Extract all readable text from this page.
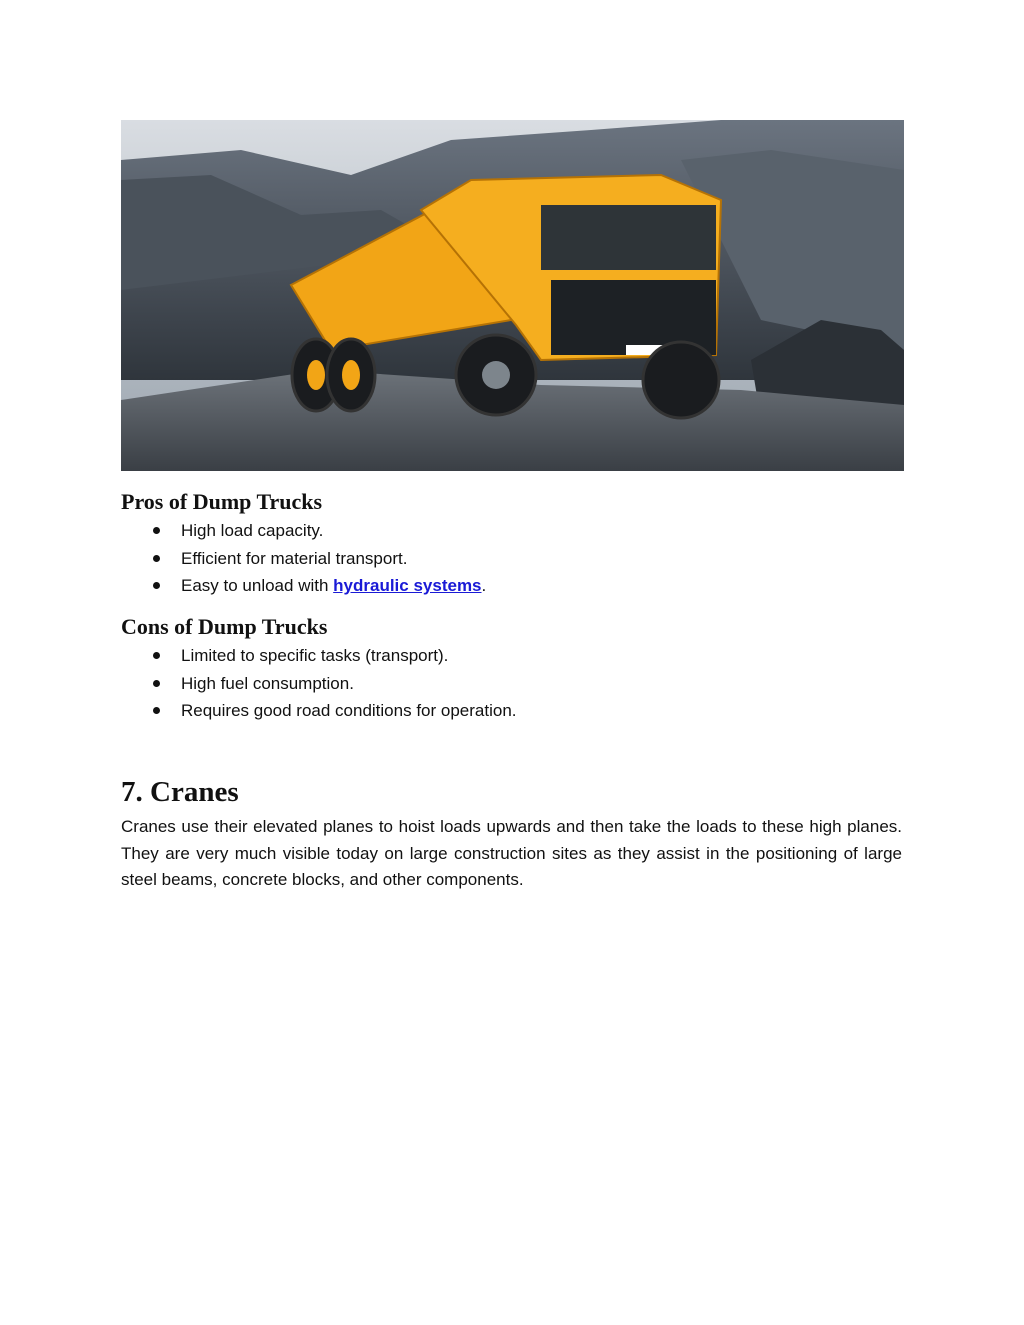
Pros of Dump Trucks
High load capacity.
Efficient for material transport.
Easy to unload with hydraulic systems.
Cons of Dump Trucks
Limited to specific tasks (transport).
High fuel consumption.
Requires good road conditions for operation.
7. Cranes

Cranes use their elevated planes to hoist loads upwards and then take the loads to these high planes. They are very much visible today on large construction sites as they assist in the positioning of large steel beams, concrete blocks, and other components.
